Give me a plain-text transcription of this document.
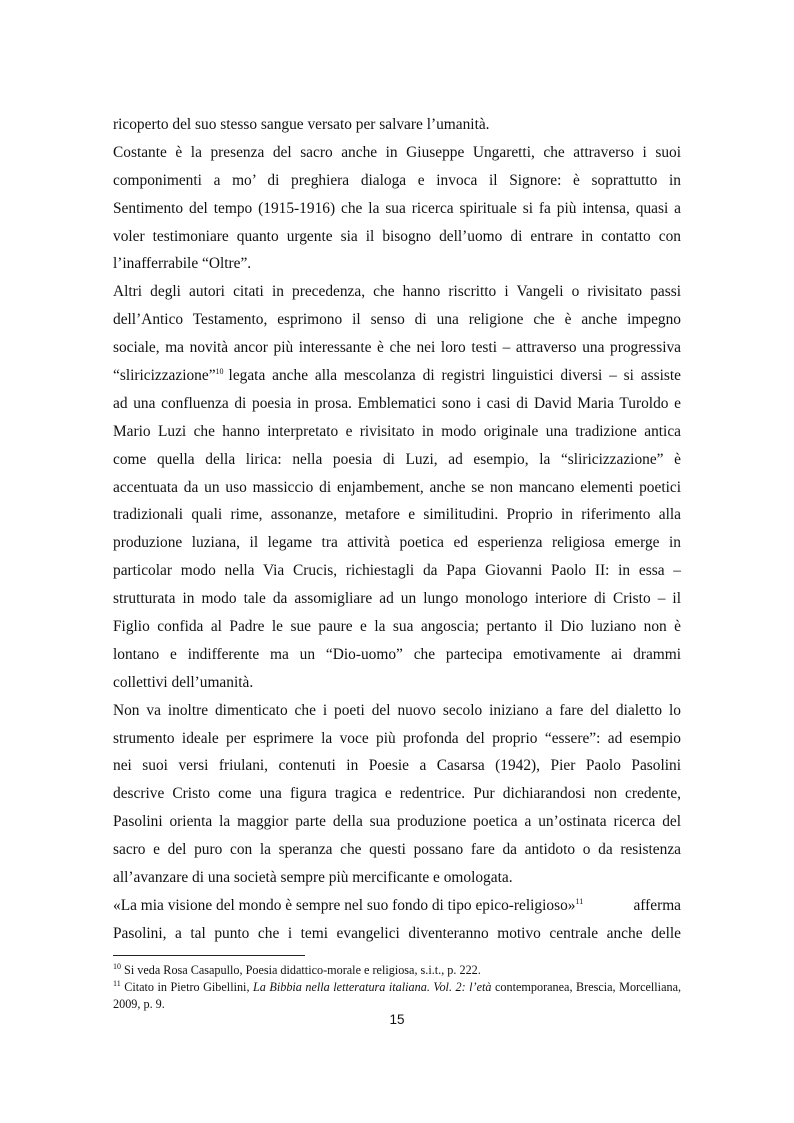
ricoperto del suo stesso sangue versato per salvare l’umanità.
Costante è la presenza del sacro anche in Giuseppe Ungaretti, che attraverso i suoi
componimenti a mo’ di preghiera dialoga e invoca il Signore: è soprattutto in
Sentimento del tempo (1915-1916) che la sua ricerca spirituale si fa più intensa, quasi a
voler testimoniare quanto urgente sia il bisogno dell’uomo di entrare in contatto con
l’inafferrabile “Oltre”.
Altri degli autori citati in precedenza, che hanno riscritto i Vangeli o rivisitato passi
dell’Antico Testamento, esprimono il senso di una religione che è anche impegno
sociale, ma novità ancor più interessante è che nei loro testi – attraverso una progressiva
“sliricizzazione”$^{10}$ legata anche alla mescolanza di registri linguistici diversi – si assiste
ad una confluenza di poesia in prosa. Emblematici sono i casi di David Maria Turoldo e
Mario Luzi che hanno interpretato e rivisitato in modo originale una tradizione antica
come quella della lirica: nella poesia di Luzi, ad esempio, la “sliricizzazione” è
accentuata da un uso massiccio di enjambement, anche se non mancano elementi poetici
tradizionali quali rime, assonanze, metafore e similitudini. Proprio in riferimento alla
produzione luziana, il legame tra attività poetica ed esperienza religiosa emerge in
particolar modo nella Via Crucis, richiestagli da Papa Giovanni Paolo II: in essa –
strutturata in modo tale da assomigliare ad un lungo monologo interiore di Cristo – il
Figlio confida al Padre le sue paure e la sua angoscia; pertanto il Dio luziano non è
lontano e indifferente ma un “Dio-uomo” che partecipa emotivamente ai drammi
collettivi dell’umanità.
Non va inoltre dimenticato che i poeti del nuovo secolo iniziano a fare del dialetto lo
strumento ideale per esprimere la voce più profonda del proprio “essere”: ad esempio
nei suoi versi friulani, contenuti in Poesie a Casarsa (1942), Pier Paolo Pasolini
descrive Cristo come una figura tragica e redentrice. Pur dichiarandosi non credente,
Pasolini orienta la maggior parte della sua produzione poetica a un’ostinata ricerca del
sacro e del puro con la speranza che questi possano fare da antidoto o da resistenza
all’avanzare di una società sempre più mercificante e omologata.
«La mia visione del mondo è sempre nel suo fondo di tipo epico-religioso»$^{11}$	afferma
Pasolini, a tal punto che i temi evangelici diventeranno motivo centrale anche delle
$^{10}$ Si veda Rosa Casapullo, Poesia didattico-morale e religiosa, s.i.t., p. 222.
$^{11}$ Citato in Pietro Gibellini, La Bibbia nella letteratura italiana. Vol. 2: l’età contemporanea, Brescia, Morcelliana, 2009, p. 9.
15
